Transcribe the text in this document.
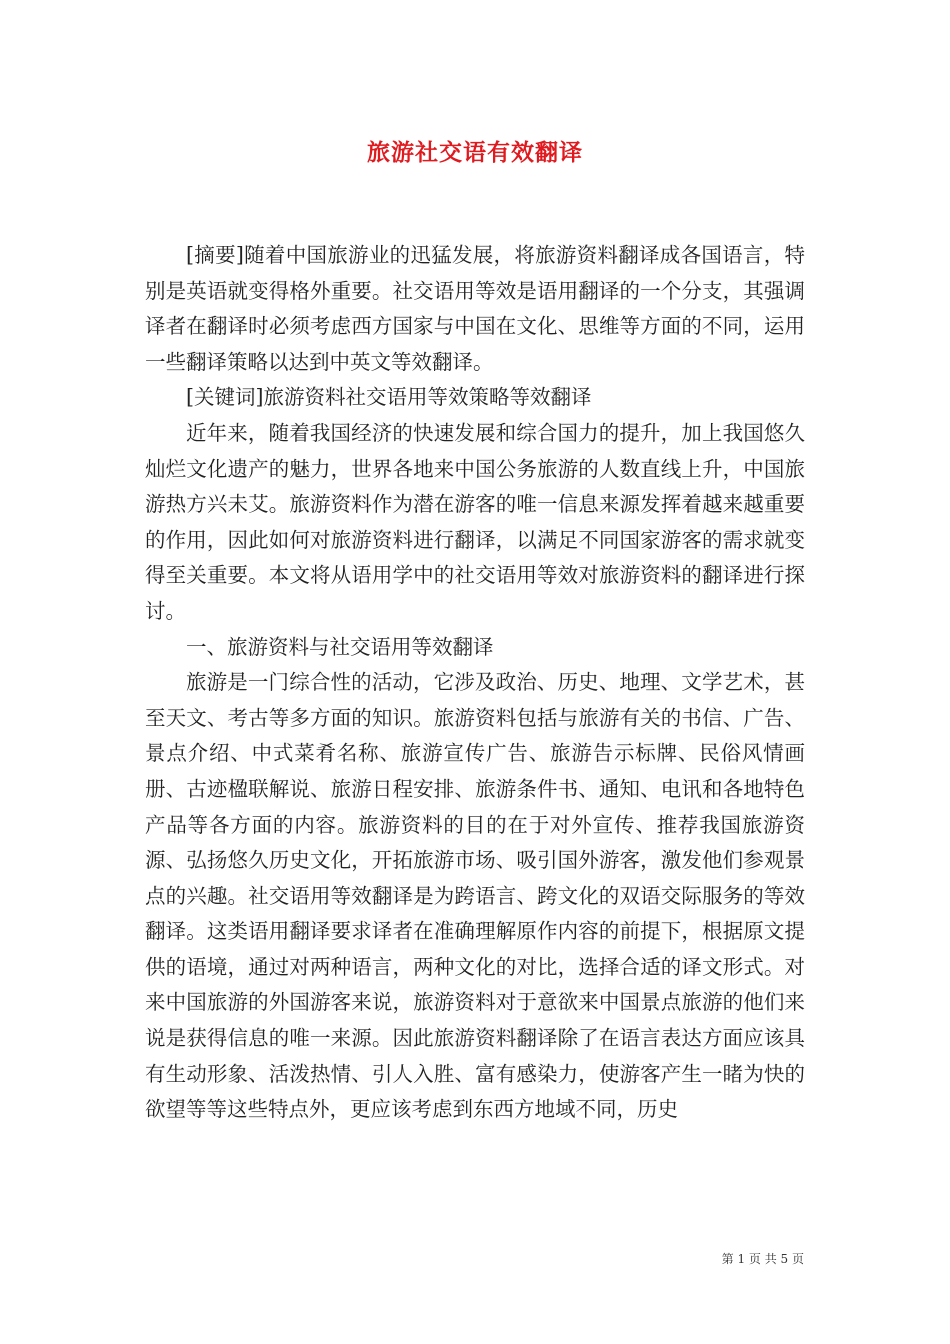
旅游社交语有效翻译

[摘要]随着中国旅游业的迅猛发展，将旅游资料翻译成各国语言，特别是英语就变得格外重要。社交语用等效是语用翻译的一个分支，其强调译者在翻译时必须考虑西方国家与中国在文化、思维等方面的不同，运用一些翻译策略以达到中英文等效翻译。

[关键词]旅游资料社交语用等效策略等效翻译

近年来，随着我国经济的快速发展和综合国力的提升，加上我国悠久灿烂文化遗产的魅力，世界各地来中国公务旅游的人数直线上升，中国旅游热方兴未艾。旅游资料作为潜在游客的唯一信息来源发挥着越来越重要的作用，因此如何对旅游资料进行翻译，以满足不同国家游客的需求就变得至关重要。本文将从语用学中的社交语用等效对旅游资料的翻译进行探讨。

一、旅游资料与社交语用等效翻译

旅游是一门综合性的活动，它涉及政治、历史、地理、文学艺术，甚至天文、考古等多方面的知识。旅游资料包括与旅游有关的书信、广告、景点介绍、中式菜肴名称、旅游宣传广告、旅游告示标牌、民俗风情画册、古迹楹联解说、旅游日程安排、旅游条件书、通知、电讯和各地特色产品等各方面的内容。旅游资料的目的在于对外宣传、推荐我国旅游资源、弘扬悠久历史文化，开拓旅游市场、吸引国外游客，激发他们参观景点的兴趣。社交语用等效翻译是为跨语言、跨文化的双语交际服务的等效翻译。这类语用翻译要求译者在准确理解原作内容的前提下，根据原文提供的语境，通过对两种语言，两种文化的对比，选择合适的译文形式。对来中国旅游的外国游客来说，旅游资料对于意欲来中国景点旅游的他们来说是获得信息的唯一来源。因此旅游资料翻译除了在语言表达方面应该具有生动形象、活泼热情、引人入胜、富有感染力，使游客产生一睹为快的欲望等等这些特点外，更应该考虑到东西方地域不同，历史

第 1 页 共 5 页
